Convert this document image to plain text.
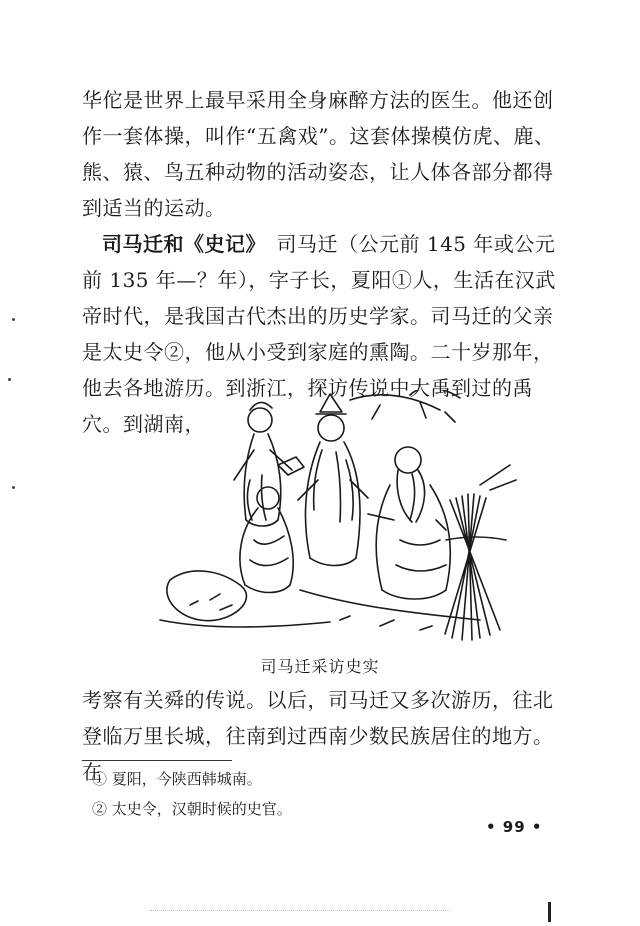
华佗是世界上最早采用全身麻醉方法的医生。他还创作一套体操，叫作“五禽戏”。这套体操模仿虎、鹿、熊、猿、鸟五种动物的活动姿态，让人体各部分都得到适当的运动。

司马迁和《史记》　 司马迁（公元前 145 年或公元前 135 年—？年），字子长，夏阳①人，生活在汉武帝时代，是我国古代杰出的历史学家。司马迁的父亲是太史令②，他从小受到家庭的熏陶。二十岁那年，他去各地游历。到浙江，探访传说中大禹到过的禹穴。到湖南，

司马迁采访史实

考察有关舜的传说。以后，司马迁又多次游历，往北登临万里长城，往南到过西南少数民族居住的地方。在

① 夏阳，今陕西韩城南。
② 太史令，汉朝时候的史官。
• 99 •
